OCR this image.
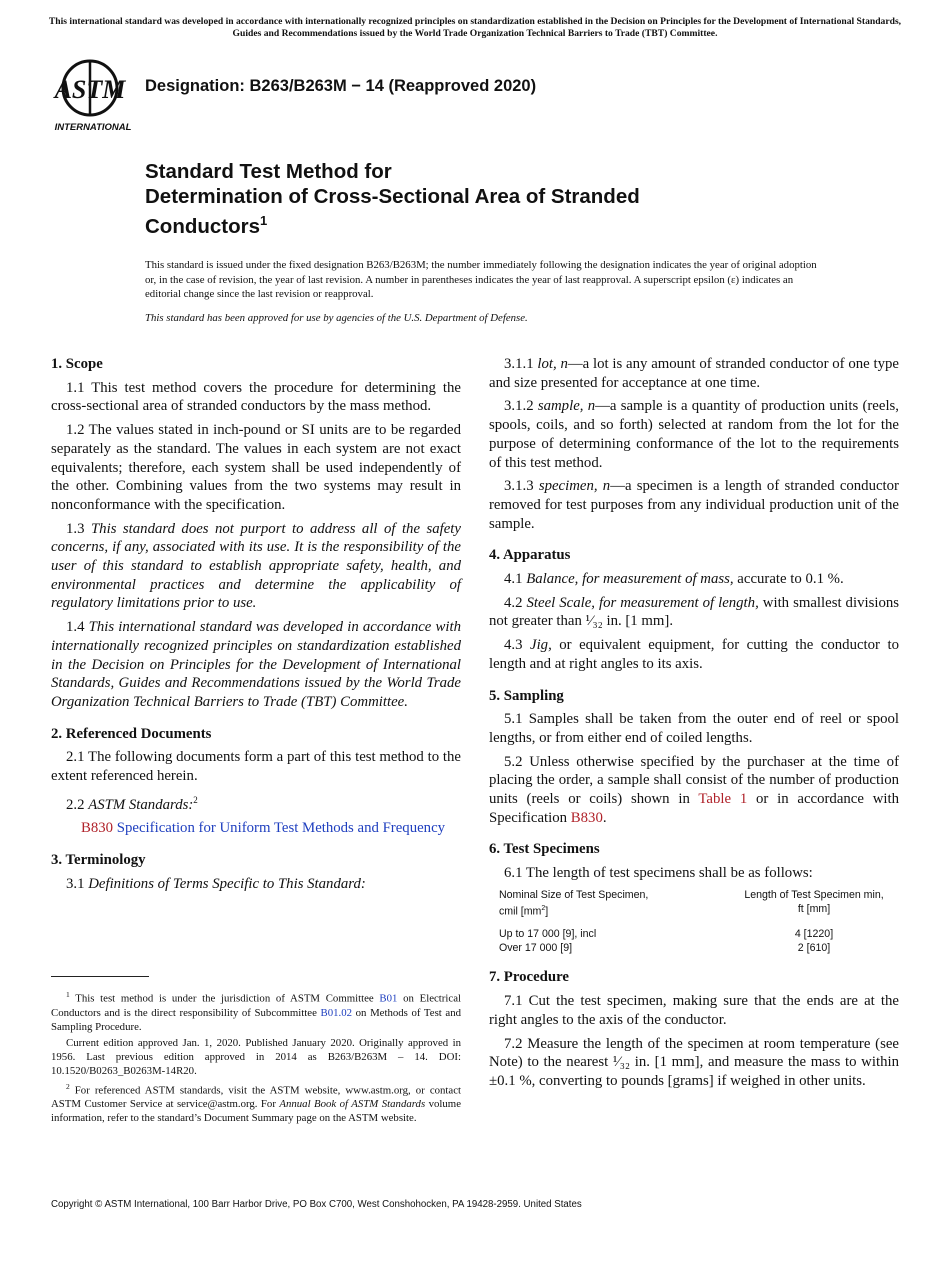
This international standard was developed in accordance with internationally recognized principles on standardization established in the Decision on Principles for the Development of International Standards, Guides and Recommendations issued by the World Trade Organization Technical Barriers to Trade (TBT) Committee.
ASTM
INTERNATIONAL
Designation: B263/B263M − 14 (Reapproved 2020)
Standard Test Method for
Determination of Cross-Sectional Area of Stranded
Conductors$^1$
This standard is issued under the fixed designation B263/B263M; the number immediately following the designation indicates the year of original adoption or, in the case of revision, the year of last revision. A number in parentheses indicates the year of last reapproval. A superscript epsilon (ε) indicates an editorial change since the last revision or reapproval.
This standard has been approved for use by agencies of the U.S. Department of Defense.
1. Scope

1.1 This test method covers the procedure for determining the cross-sectional area of stranded conductors by the mass method.

1.2 The values stated in inch-pound or SI units are to be regarded separately as the standard. The values in each system are not exact equivalents; therefore, each system shall be used independently of the other. Combining values from the two systems may result in nonconformance with the specification.

1.3 This standard does not purport to address all of the safety concerns, if any, associated with its use. It is the responsibility of the user of this standard to establish appropriate safety, health, and environmental practices and determine the applicability of regulatory limitations prior to use.

1.4 This international standard was developed in accordance with internationally recognized principles on standardization established in the Decision on Principles for the Development of International Standards, Guides and Recommendations issued by the World Trade Organization Technical Barriers to Trade (TBT) Committee.

2. Referenced Documents

2.1 The following documents form a part of this test method to the extent referenced herein.

2.2 ASTM Standards:$^2$

B830 Specification for Uniform Test Methods and Frequency

3. Terminology

3.1 Definitions of Terms Specific to This Standard:

3.1.1 lot, n—a lot is any amount of stranded conductor of one type and size presented for acceptance at one time.

3.1.2 sample, n—a sample is a quantity of production units (reels, spools, coils, and so forth) selected at random from the lot for the purpose of determining conformance of the lot to the requirements of this test method.

3.1.3 specimen, n—a specimen is a length of stranded conductor removed for test purposes from any individual production unit of the sample.

4. Apparatus

4.1 Balance, for measurement of mass, accurate to 0.1 %.

4.2 Steel Scale, for measurement of length, with smallest divisions not greater than ¹⁄₃₂ in. [1 mm].

4.3 Jig, or equivalent equipment, for cutting the conductor to length and at right angles to its axis.

5. Sampling

5.1 Samples shall be taken from the outer end of reel or spool lengths, or from either end of coiled lengths.

5.2 Unless otherwise specified by the purchaser at the time of placing the order, a sample shall consist of the number of production units (reels or coils) shown in Table 1 or in accordance with Specification B830.

6. Test Specimens

6.1 The length of test specimens shall be as follows:

Nominal Size of Test Specimen,
cmil $[mm^2]$
Length of Test Specimen min,
ft [mm]
Up to 17 000 [9], incl	4 [1220]
Over 17 000 [9]	2 [610]
7. Procedure

7.1 Cut the test specimen, making sure that the ends are at the right angles to the axis of the conductor.

7.2 Measure the length of the specimen at room temperature (see Note) to the nearest ¹⁄₃₂ in. [1 mm], and measure the mass to within ±0.1 %, converting to pounds [grams] if weighed in other units.

$^1$ This test method is under the jurisdiction of ASTM Committee B01 on Electrical Conductors and is the direct responsibility of Subcommittee B01.02 on Methods of Test and Sampling Procedure.

Current edition approved Jan. 1, 2020. Published January 2020. Originally approved in 1956. Last previous edition approved in 2014 as B263/B263M – 14. DOI: 10.1520/B0263_B0263M-14R20.

$^2$ For referenced ASTM standards, visit the ASTM website, www.astm.org, or contact ASTM Customer Service at service@astm.org. For Annual Book of ASTM Standards volume information, refer to the standard’s Document Summary page on the ASTM website.

Copyright © ASTM International, 100 Barr Harbor Drive, PO Box C700, West Conshohocken, PA 19428-2959. United States
